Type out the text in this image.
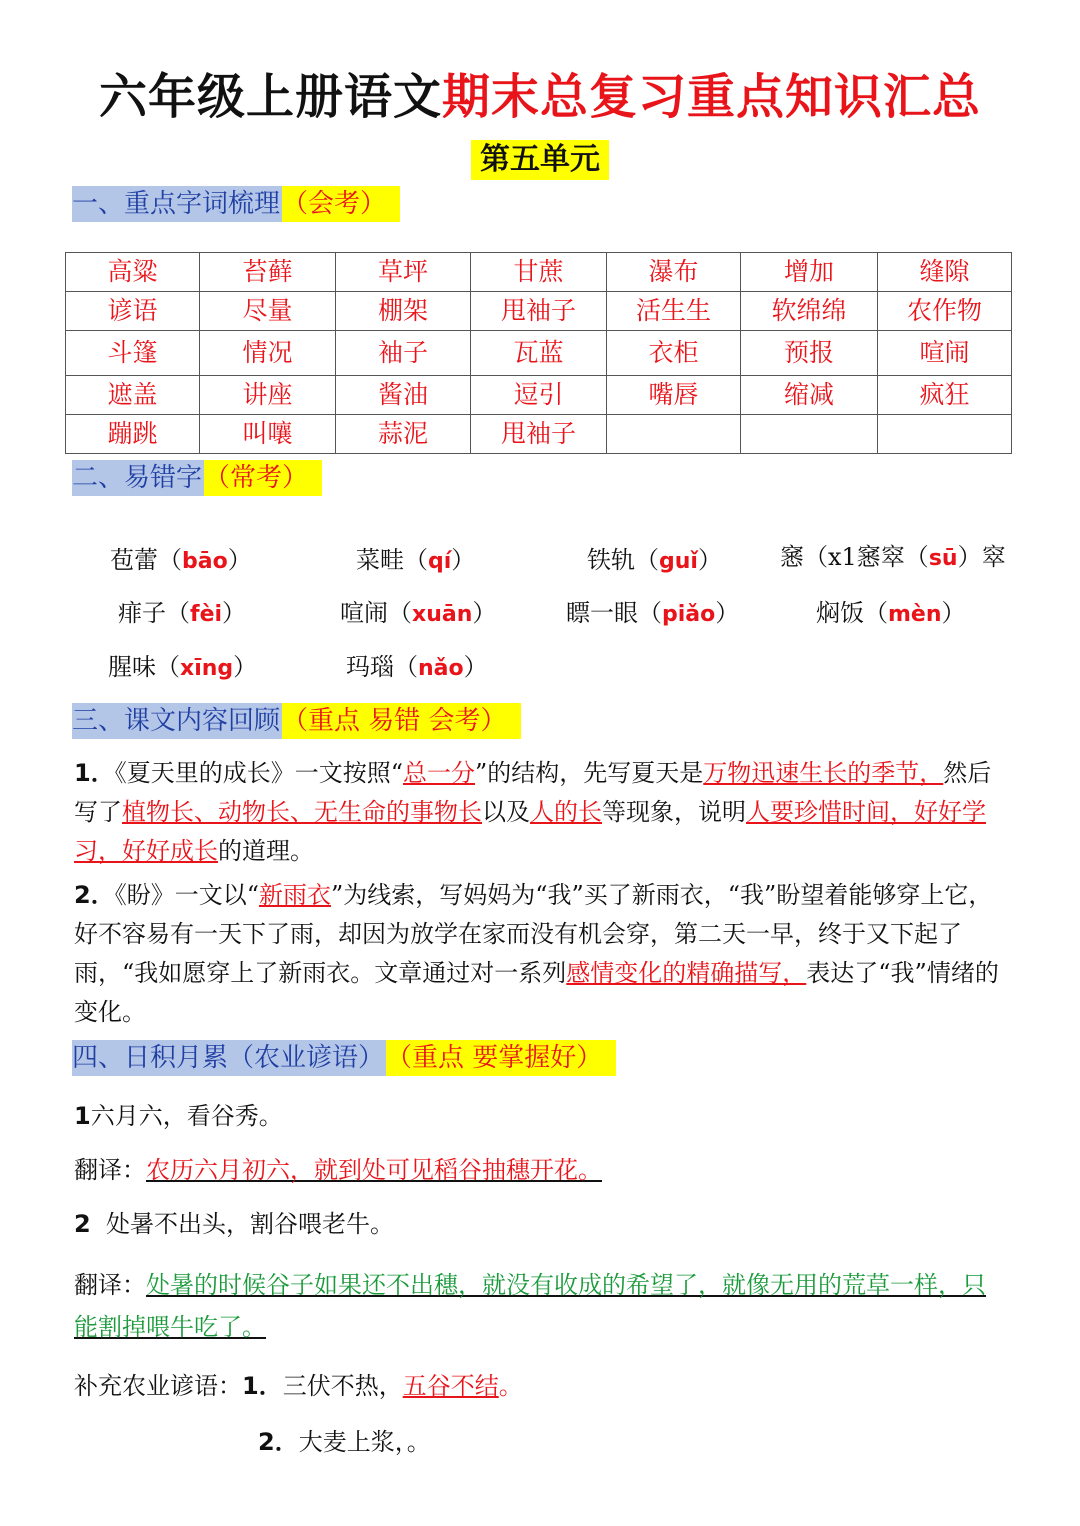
六年级上册语文期末总复习重点知识汇总
第五单元
一、重点字词梳理 （会考）
高粱	苔藓	草坪	甘蔗	瀑布	增加	缝隙
谚语	尽量	棚架	甩袖子	活生生	软绵绵	农作物
斗篷	情况	袖子	瓦蓝	衣柜	预报	喧闹
遮盖	讲座	酱油	逗引	嘴唇	缩减	疯狂
蹦跳	叫嚷	蒜泥	甩袖子			
二、易错字 （常考）
苞蕾（bāo）	菜畦（qí）	铁轨（guǐ） 窸（x1窸窣（sū）窣
痱子（fèi）	喧闹（xuān）	瞟一眼（piǎo）	焖饭（mèn）
腥味（xīng）	玛瑙（nǎo）
三、课文内容回顾 （重点 易错 会考）
1．《夏天里的成长》一文按照“总一分”的结构，先写夏天是万物迅速生长的季节，然后写了植物长、动物长、无生命的事物长以及人的长等现象，说明人要珍惜时间，好好学习，好好成长的道理。
2．《盼》一文以“新雨衣”为线索，写妈妈为“我”买了新雨衣，“我”盼望着能够穿上它，好不容易有一天下了雨，却因为放学在家而没有机会穿，第二天一早，终于又下起了雨，“我如愿穿上了新雨衣。文章通过对一系列感情变化的精确描写，表达了“我”情绪的变化。
四、日积月累（农业谚语） （重点 要掌握好）
1六月六，看谷秀。
翻译：农历六月初六，就到处可见稻谷抽穗开花。
2 处暑不出头，割谷喂老牛。
翻译：处暑的时候谷子如果还不出穗，就没有收成的希望了，就像无用的荒草一样，只能割掉喂牛吃了。
补充农业谚语：1．三伏不热，五谷不结。
2．大麦上浆，。
